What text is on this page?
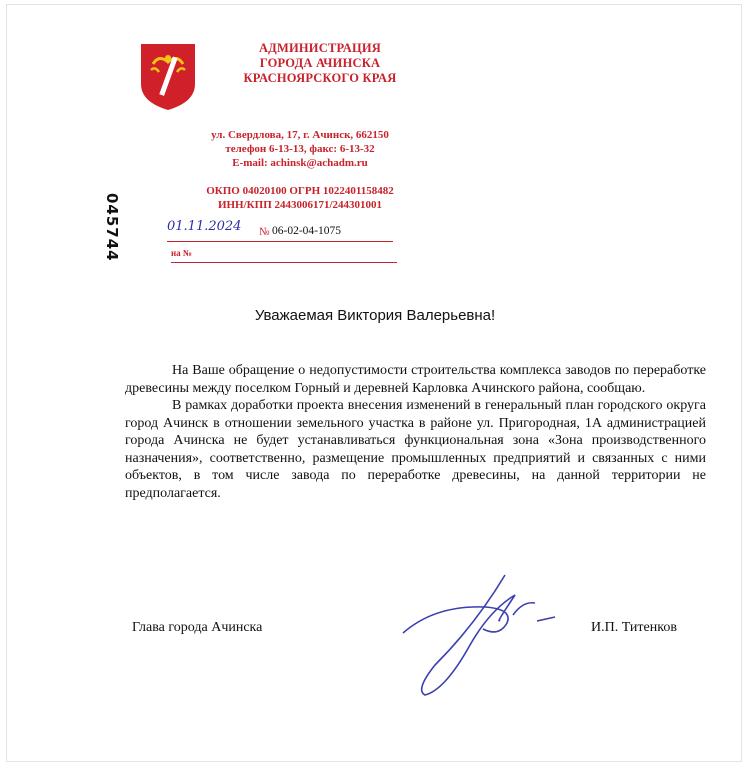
АДМИНИСТРАЦИЯ
ГОРОДА АЧИНСКА
КРАСНОЯРСКОГО КРАЯ
ул. Свердлова, 17, г. Ачинск, 662150
телефон 6-13-13, факс: 6-13-32
E-mail: achinsk@achadm.ru
ОКПО 04020100 ОГРН 1022401158482
ИНН/КПП 2443006171/244301001
045744	01.11.2024 № 06-02-04-1075
на №
Уважаемая Виктория Валерьевна!

На Ваше обращение о недопустимости строительства комплекса заводов по переработке древесины между поселком Горный и деревней Карловка Ачинского района, сообщаю.

В рамках доработки проекта внесения изменений в генеральный план городского округа город Ачинск в отношении земельного участка в районе ул. Пригородная, 1А администрацией города Ачинска не будет устанавливаться функциональная зона «Зона производственного назначения», соответственно, размещение промышленных предприятий и связанных с ними объектов, в том числе завода по переработке древесины, на данной территории не предполагается.

Глава города Ачинска	И.П. Титенков
